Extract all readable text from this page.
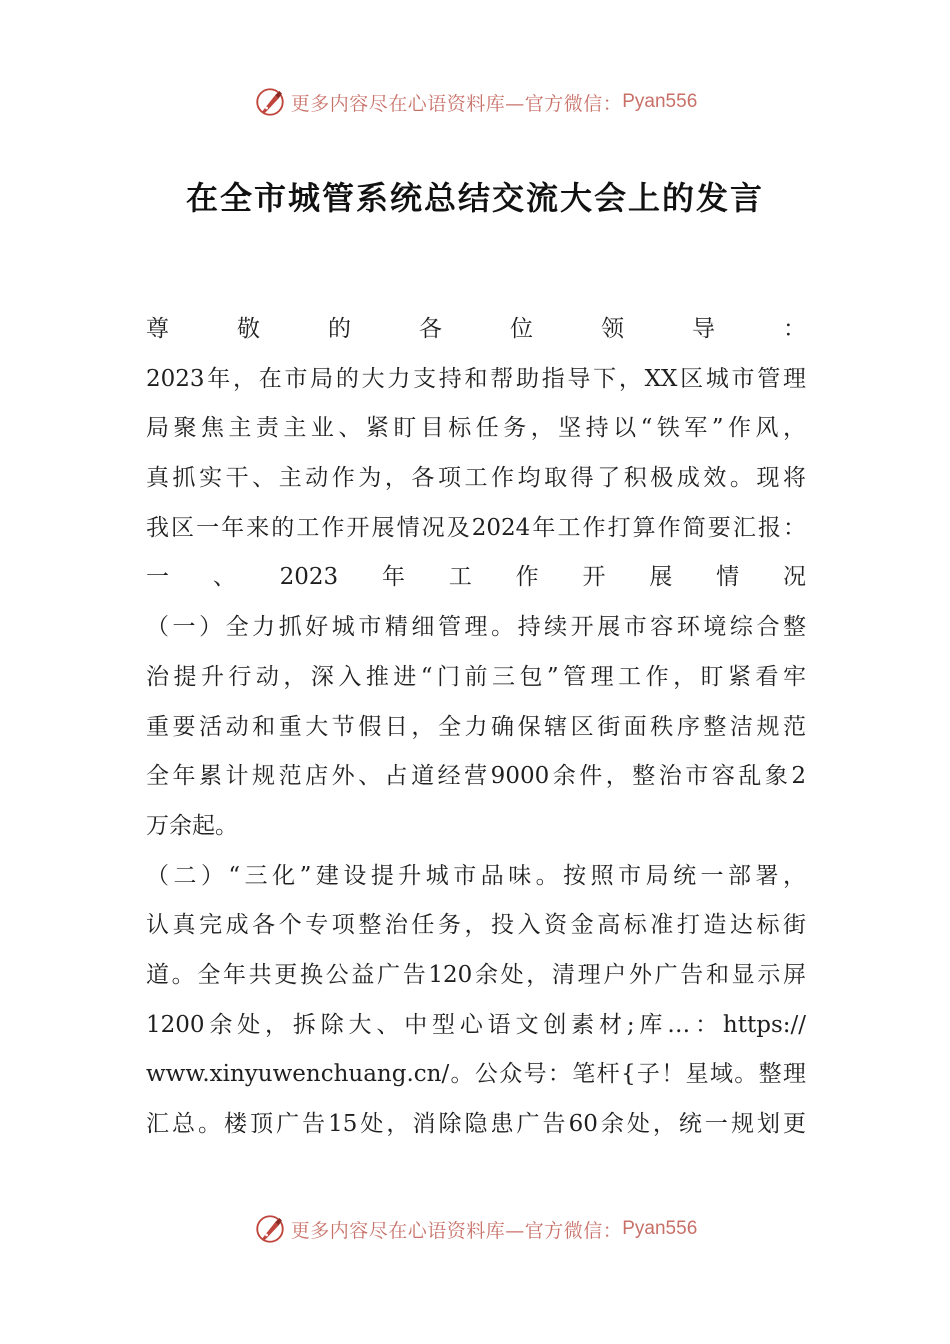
更多内容尽在心语资料库—官方微信： Pyan556
在全市城管系统总结交流大会上的发言
尊敬的各位领导：
2023年，在市局的大力支持和帮助指导下，XX区城市管理
局聚焦主责主业、紧盯目标任务，坚持以“铁军”作风，
真抓实干、主动作为，各项工作均取得了积极成效。现将
我区一年来的工作开展情况及2024年工作打算作简要汇报：
一、2023年工作开展情况
（一）全力抓好城市精细管理。持续开展市容环境综合整
治提升行动，深入推进“门前三包”管理工作，盯紧看牢
重要活动和重大节假日，全力确保辖区街面秩序整洁规范
全年累计规范店外、占道经营9000余件，整治市容乱象2
万余起。
（二）“三化”建设提升城市品味。按照市局统一部署，
认真完成各个专项整治任务，投入资金高标准打造达标街
道。全年共更换公益广告120余处，清理户外广告和显示屏
1200余处，拆除大、中型心语文创素材;库…：https://
www.xinyuwenchuang.cn/。公众号：笔杆{子！星域。整理
汇总。楼顶广告15处，消除隐患广告60余处，统一规划更
更多内容尽在心语资料库—官方微信： Pyan556
